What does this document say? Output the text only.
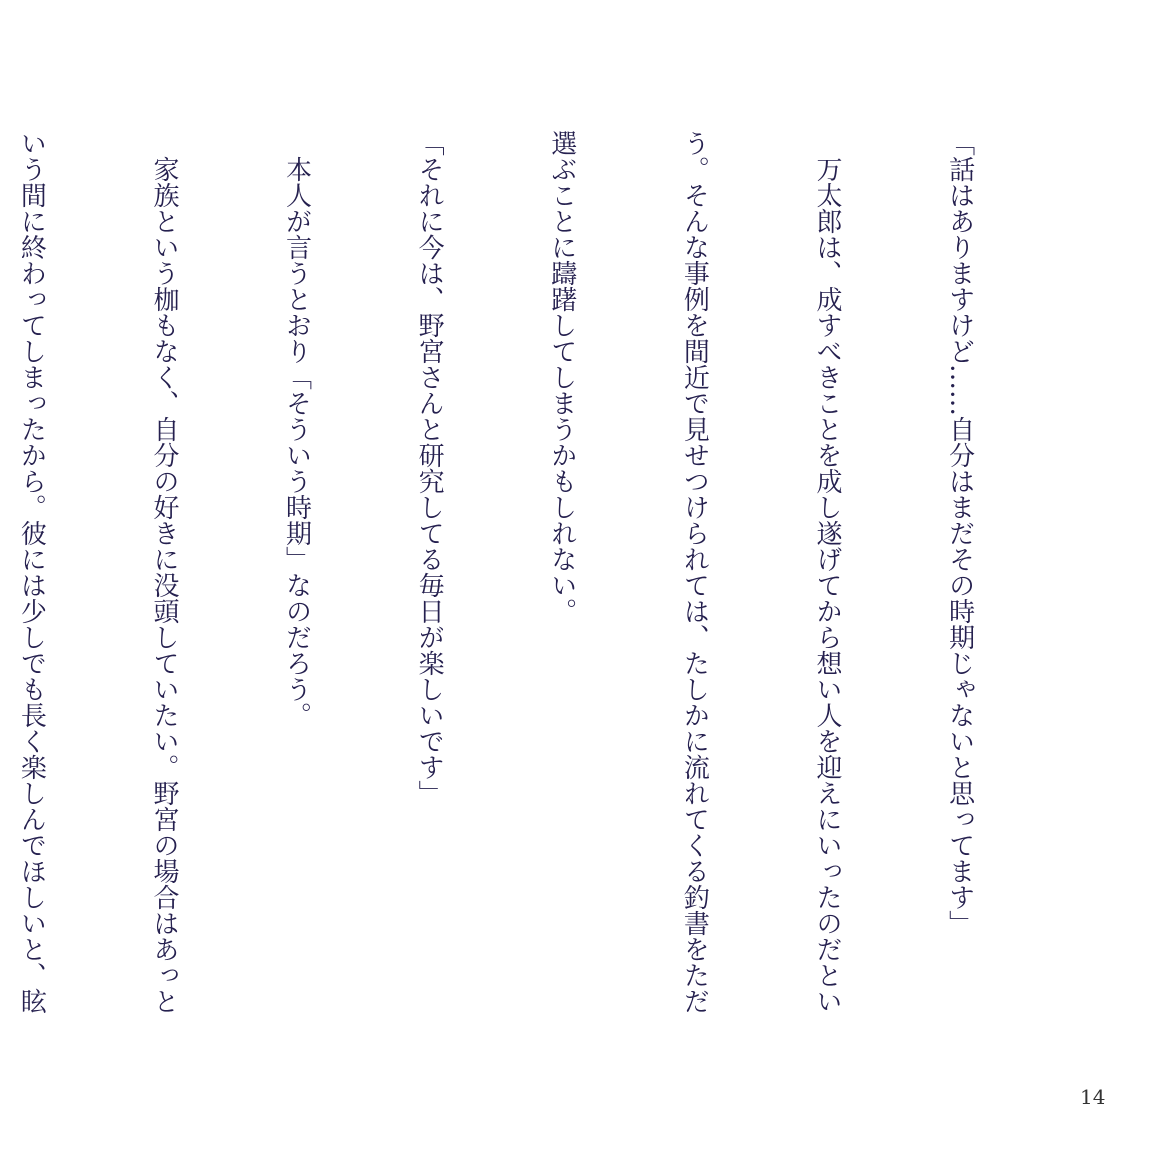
「話はありますけど……自分はまだその時期じゃないと思ってます」

　万太郎は、成すべきことを成し遂げてから想い人を迎えにいったのだとい

う。そんな事例を間近で見せつけられては、たしかに流れてくる釣書をただ

選ぶことに躊躇してしまうかもしれない。

「それに今は、野宮さんと研究してる毎日が楽しいです」

　本人が言うとおり「そういう時期」なのだろう。

　家族という枷もなく、自分の好きに没頭していたい。野宮の場合はあっと

いう間に終わってしまったから。彼には少しでも長く楽しんでほしいと、眩

14
